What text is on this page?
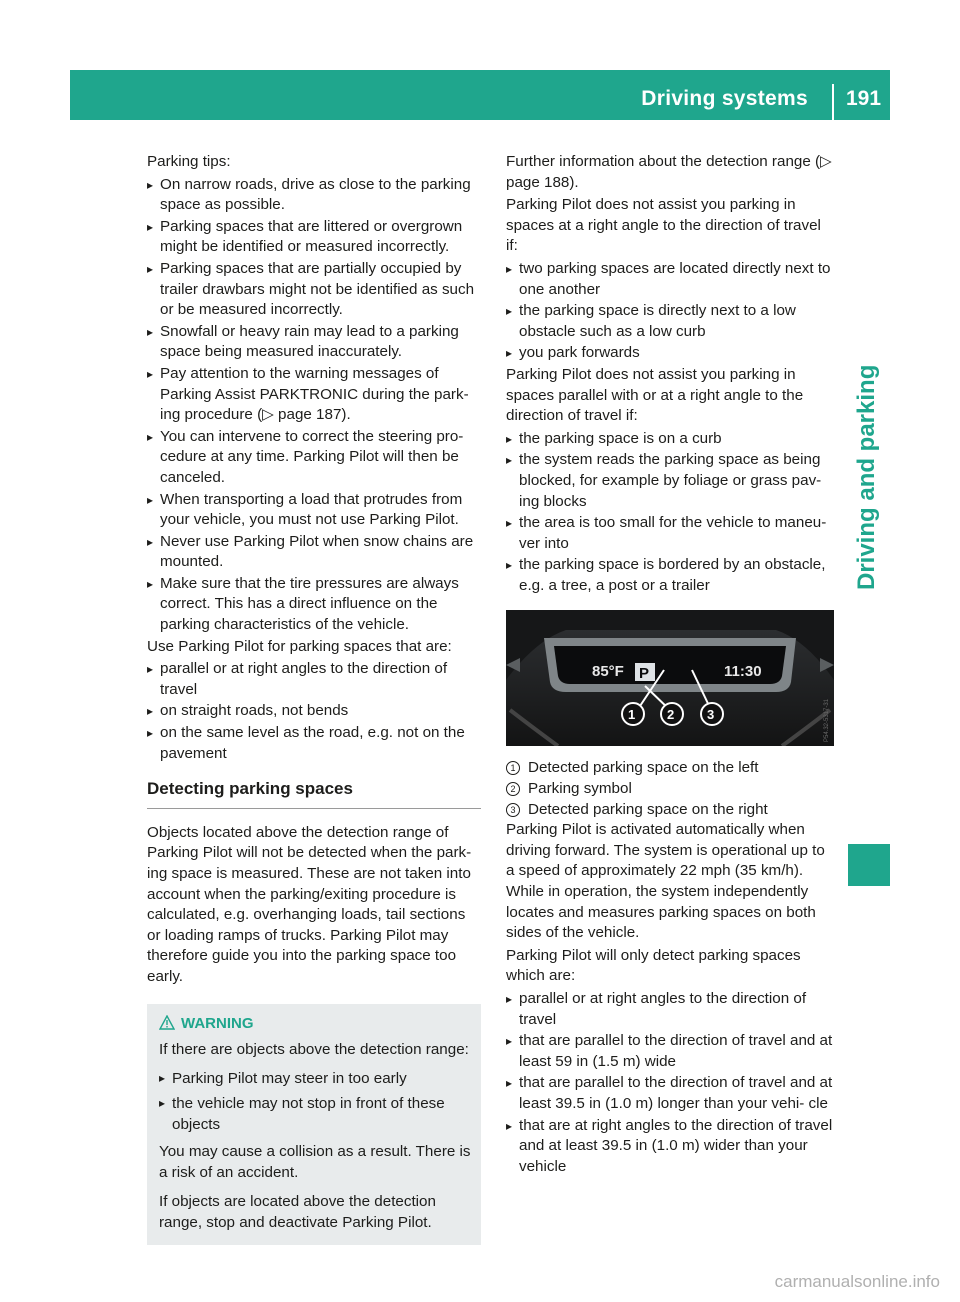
Driving systems 191
Driving and parking

Parking tips:

▸ On narrow roads, drive as close to the parking space as possible.
▸ Parking spaces that are littered or overgrown might be identified or measured incorrectly.
▸ Parking spaces that are partially occupied by trailer drawbars might not be identified as such or be measured incorrectly.
▸ Snowfall or heavy rain may lead to a parking space being measured inaccurately.
▸ Pay attention to the warning messages of Parking Assist PARKTRONIC during the park- ing procedure (▷ page 187).
▸ You can intervene to correct the steering pro- cedure at any time. Parking Pilot will then be canceled.
▸ When transporting a load that protrudes from your vehicle, you must not use Parking Pilot.
▸ Never use Parking Pilot when snow chains are mounted.
▸ Make sure that the tire pressures are always correct. This has a direct influence on the parking characteristics of the vehicle.

Use Parking Pilot for parking spaces that are:

▸ parallel or at right angles to the direction of travel
▸ on straight roads, not bends
▸ on the same level as the road, e.g. not on the pavement
Detecting parking spaces

Objects located above the detection range of Parking Pilot will not be detected when the park- ing space is measured. These are not taken into account when the parking/exiting procedure is calculated, e.g. overhanging loads, tail sections or loading ramps of trucks. Parking Pilot may therefore guide you into the parking space too early.

WARNING

If there are objects above the detection range:

▸ Parking Pilot may steer in too early
▸ the vehicle may not stop in front of these objects

You may cause a collision as a result. There is a risk of an accident.

If objects are located above the detection range, stop and deactivate Parking Pilot.

Further information about the detection range (▷ page 188).

Parking Pilot does not assist you parking in spaces at a right angle to the direction of travel if:

▸ two parking spaces are located directly next to one another
▸ the parking space is directly next to a low obstacle such as a low curb
▸ you park forwards

Parking Pilot does not assist you parking in spaces parallel with or at a right angle to the direction of travel if:

▸ the parking space is on a curb
▸ the system reads the parking space as being blocked, for example by foliage or grass pav- ing blocks
▸ the area is too small for the vehicle to maneu- ver into
▸ the parking space is bordered by an obstacle, e.g. a tree, a post or a trailer
85°F P	11:30
1 2	3	P54.32-5317-31
1 Detected parking space on the left
2 Parking symbol
3 Detected parking space on the right

Parking Pilot is activated automatically when driving forward. The system is operational up to a speed of approximately 22 mph (35 km/h). While in operation, the system independently locates and measures parking spaces on both sides of the vehicle.

Parking Pilot will only detect parking spaces which are:

▸ parallel or at right angles to the direction of travel
▸ that are parallel to the direction of travel and at least 59 in (1.5 m) wide
▸ that are parallel to the direction of travel and at least 39.5 in (1.0 m) longer than your vehi- cle
▸ that are at right angles to the direction of travel and at least 39.5 in (1.0 m) wider than your vehicle
carmanualsonline.info
